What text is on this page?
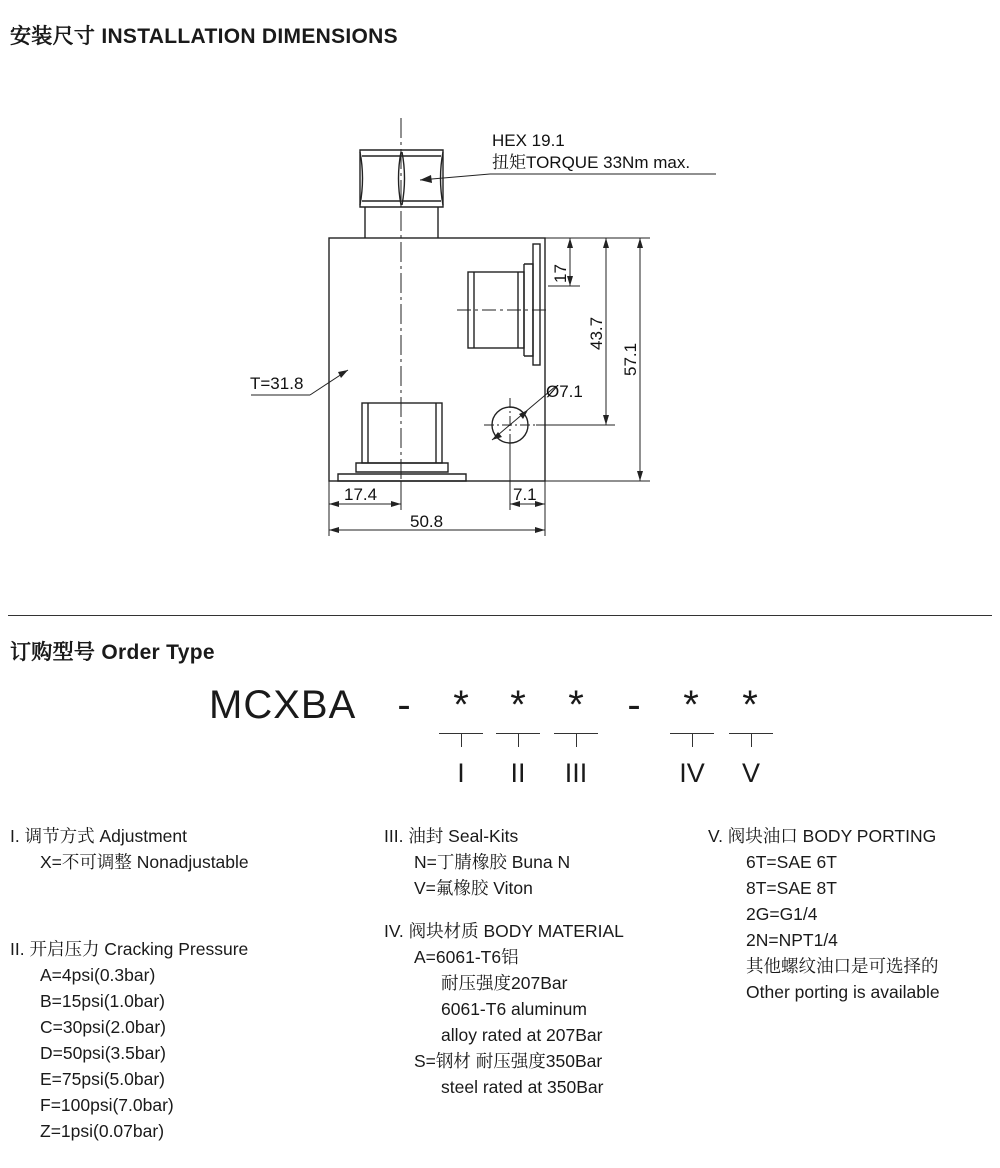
安装尺寸 INSTALLATION DIMENSIONS
HEX 19.1
扭矩TORQUE 33Nm max.
T=31.8	Ø7.1
17
43.7
57.1
17.4	7.1
50.8
订购型号 Order Type
MCXBA	-	*	*	*	-	*	*
I	II	III	IV	V
I. 调节方式 Adjustment
X=不可调整 Nonadjustable
II. 开启压力 Cracking Pressure
A=4psi(0.3bar)
B=15psi(1.0bar)
C=30psi(2.0bar)
D=50psi(3.5bar)
E=75psi(5.0bar)
F=100psi(7.0bar)
Z=1psi(0.07bar)
III. 油封 Seal-Kits
N=丁腈橡胶 Buna N
V=氟橡胶 Viton
IV. 阀块材质 BODY MATERIAL
A=6061-T6铝
耐压强度207Bar
6061-T6 aluminum
alloy rated at 207Bar
S=钢材 耐压强度350Bar
steel rated at 350Bar
V. 阀块油口 BODY PORTING
6T=SAE 6T
8T=SAE 8T
2G=G1/4
2N=NPT1/4
其他螺纹油口是可选择的
Other porting is available
